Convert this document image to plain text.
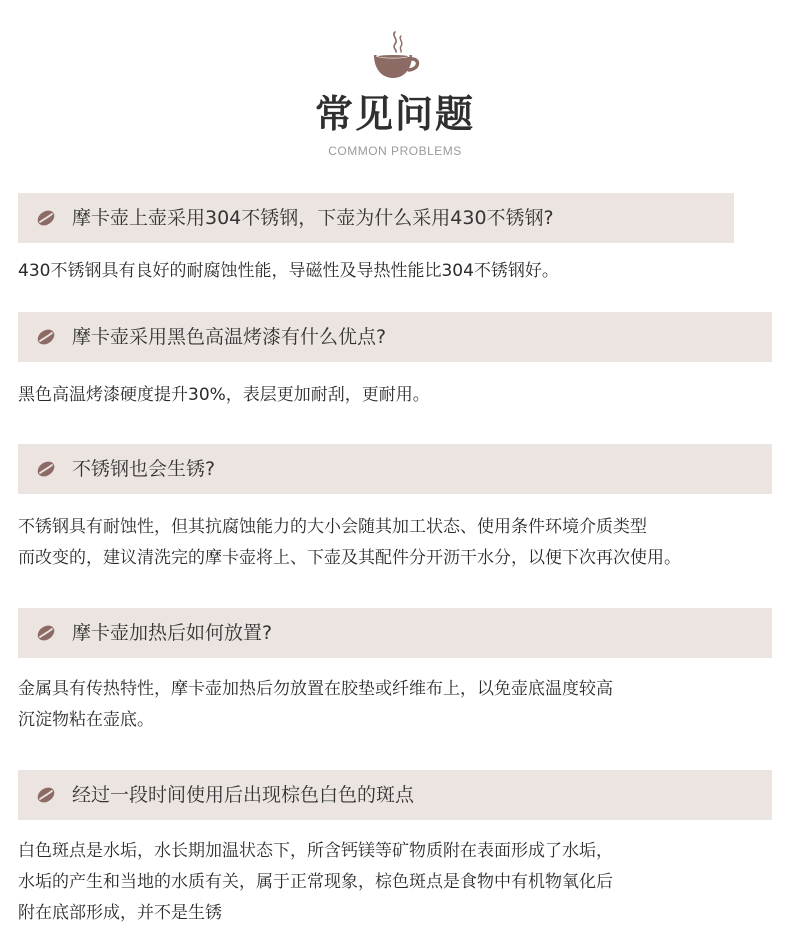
常见问题
COMMON PROBLEMS
摩卡壶上壶采用304不锈钢，下壶为什么采用430不锈钢?
430不锈钢具有良好的耐腐蚀性能，导磁性及导热性能比304不锈钢好。
摩卡壶采用黑色高温烤漆有什么优点?
黑色高温烤漆硬度提升30%，表层更加耐刮，更耐用。
不锈钢也会生锈?
不锈钢具有耐蚀性，但其抗腐蚀能力的大小会随其加工状态、使用条件环境介质类型
而改变的，建议清洗完的摩卡壶将上、下壶及其配件分开沥干水分，以便下次再次使用。
摩卡壶加热后如何放置?
金属具有传热特性，摩卡壶加热后勿放置在胶垫或纤维布上，以免壶底温度较高
沉淀物粘在壶底。
经过一段时间使用后出现棕色白色的斑点
白色斑点是水垢，水长期加温状态下，所含钙镁等矿物质附在表面形成了水垢，
水垢的产生和当地的水质有关，属于正常现象，棕色斑点是食物中有机物氧化后
附在底部形成，并不是生锈
